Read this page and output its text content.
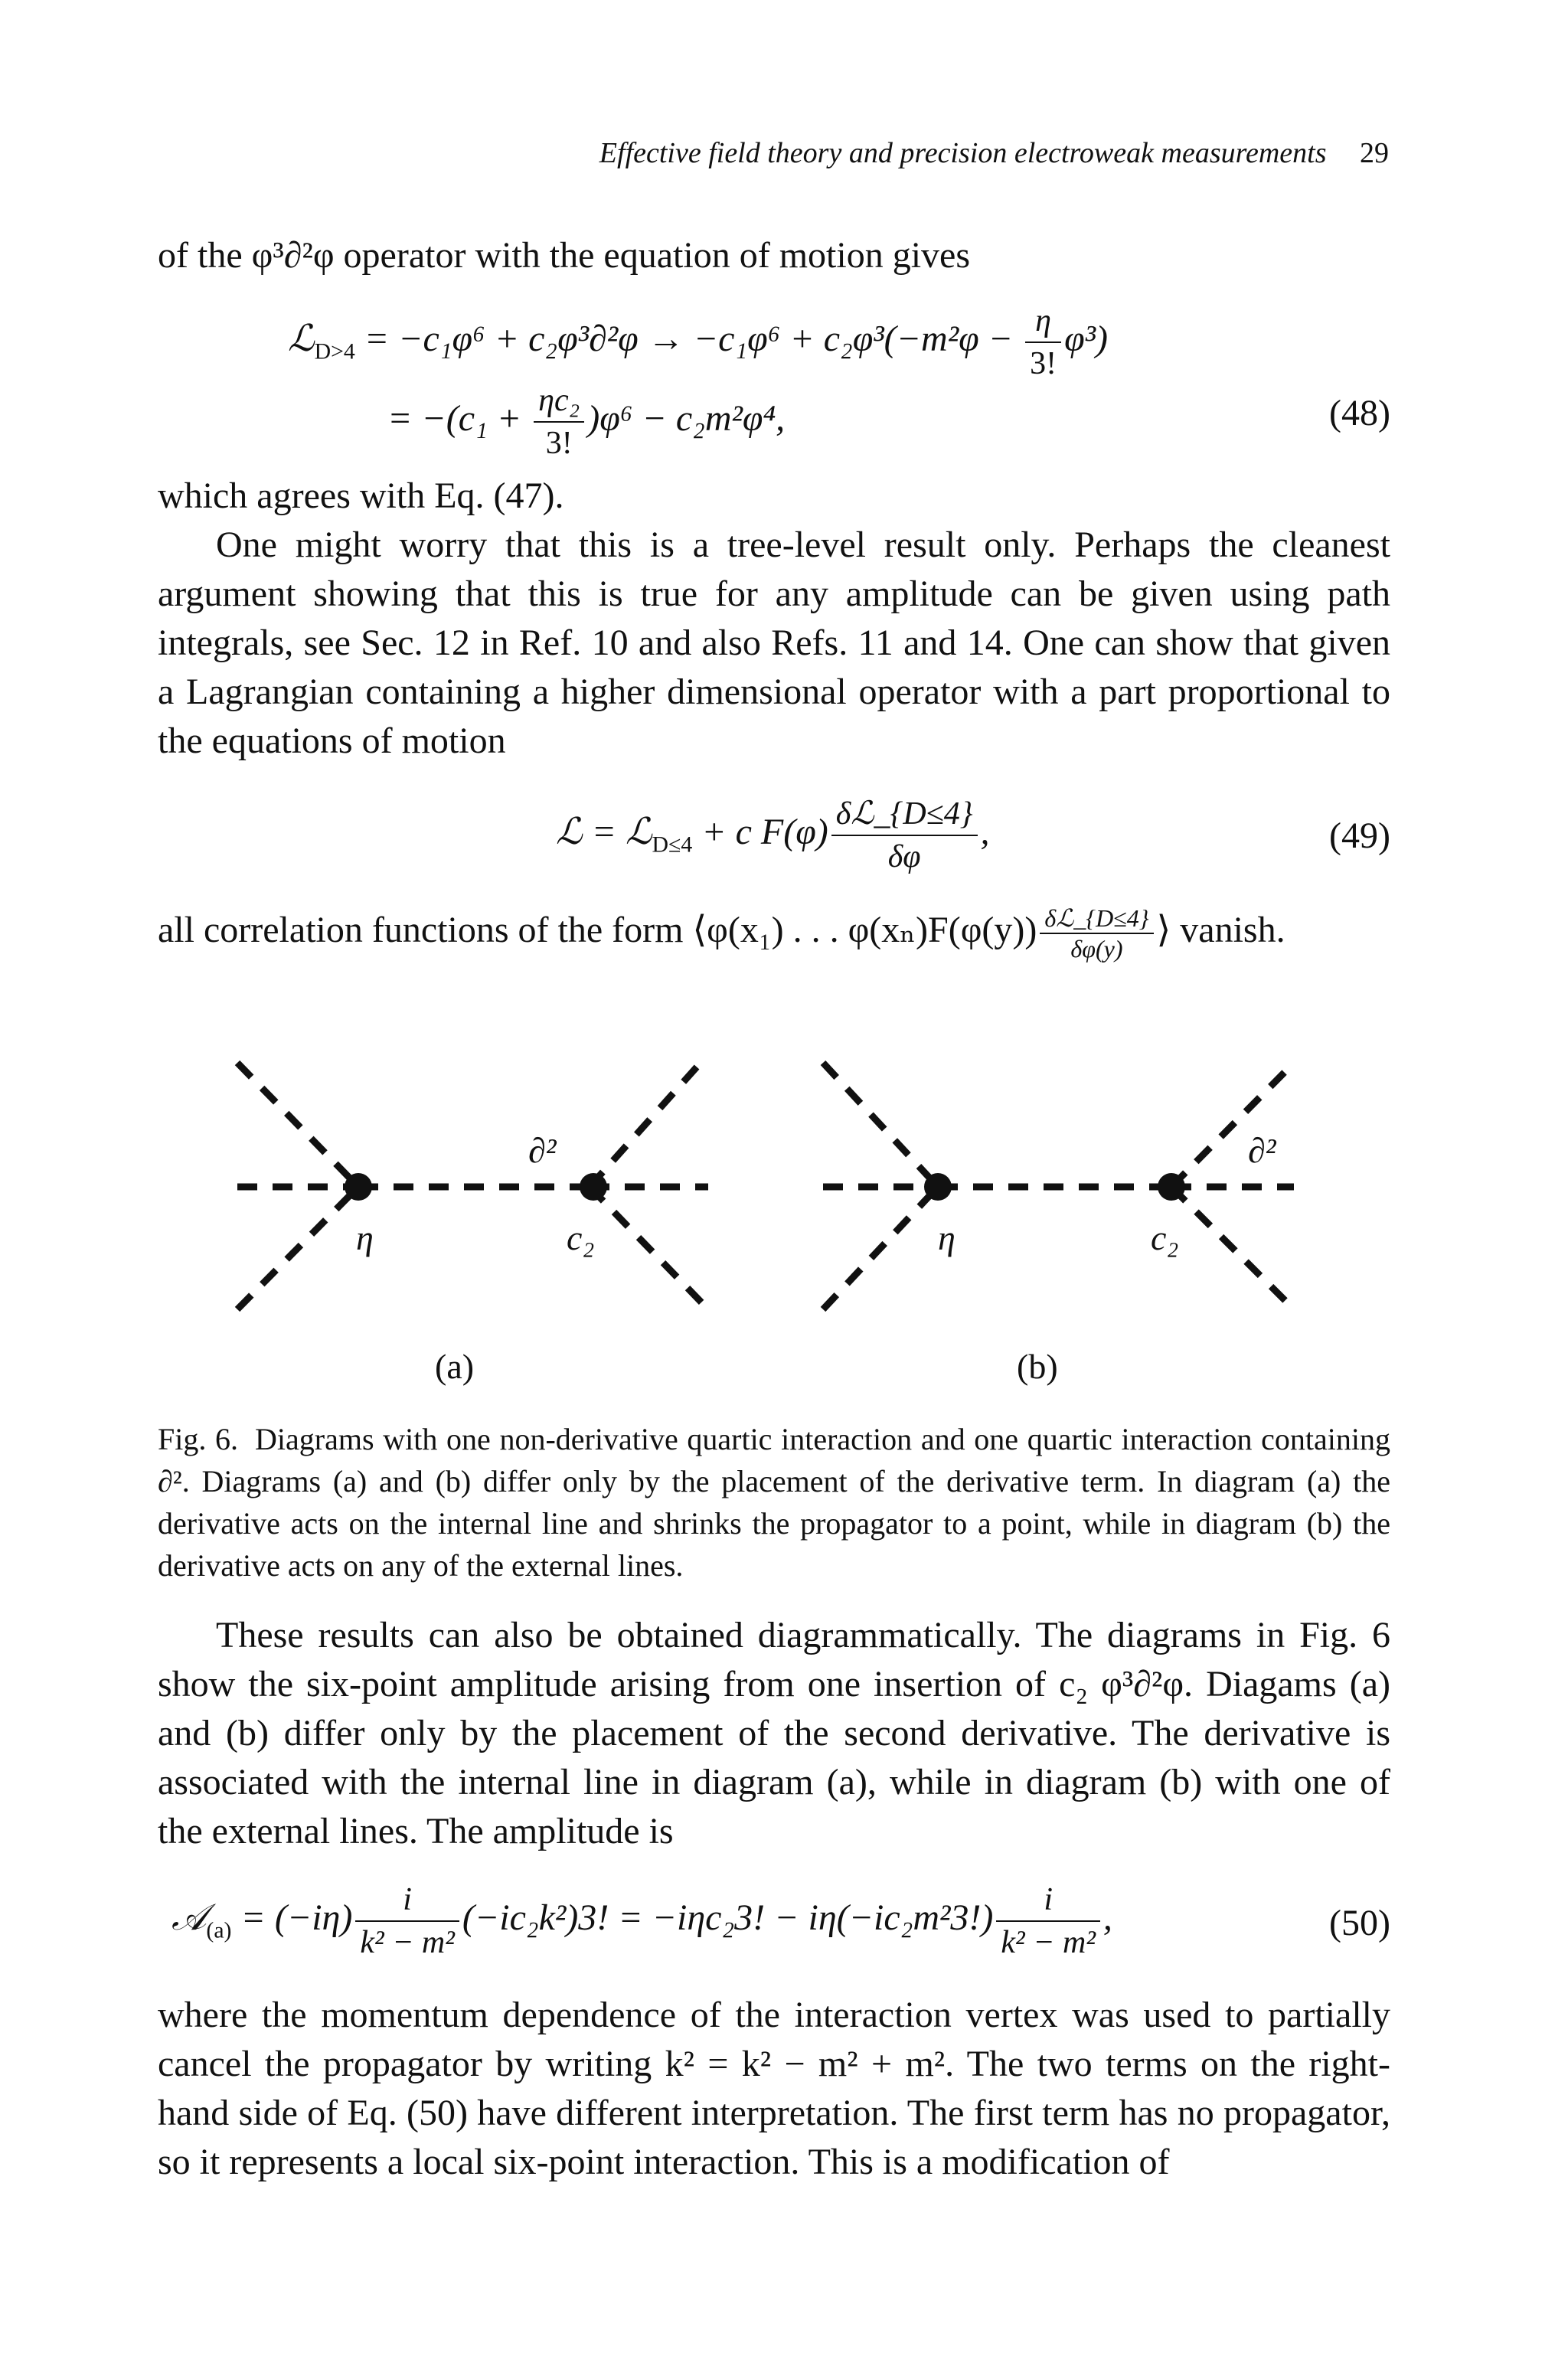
Effective field theory and precision electroweak measurements 29

of the φ³∂²φ operator with the equation of motion gives

ℒ$_{D>4}$ = $-c_1\varphi^6 + c_2\varphi^3\partial^2\varphi \to -c_1\varphi^6 + c_2\varphi^3(-m^2\varphi - \frac{\eta}{3!} \varphi^3)$
= $-(c_1 + \frac{\text{ηc₂}}{3!} )\varphi^6 - c_2m^2\varphi^4$,	(48)

which agrees with Eq. (47).

One might worry that this is a tree-level result only. Perhaps the cleanest argument showing that this is true for any amplitude can be given using path integrals, see Sec. 12 in Ref. 10 and also Refs. 11 and 14. One can show that given a Lagrangian containing a higher dimensional operator with a part proportional to the equations of motion

ℒ = ℒ$_{D\le 4}$ + c $F(\varphi) \frac{\text{δℒ\_\{D≤4\}}}{\delta\varphi}$ ,	(49)

all correlation functions of the form ⟨φ(x₁) . . . $\varphi(x_n)F(\varphi(y)) \frac{\text{δℒ\_\{D≤4\}}}{\delta\varphi(y)}$ ⟩ vanish.

η	c₂
∂²
η	c₂
∂²
(a)	(b)
Fig. 6. Diagrams with one non-derivative quartic interaction and one quartic interaction containing ∂². Diagrams (a) and (b) differ only by the placement of the derivative term. In diagram (a) the derivative acts on the internal line and shrinks the propagator to a point, while in diagram (b) the derivative acts on any of the external lines.

These results can also be obtained diagrammatically. The diagrams in Fig. 6 show the six-point amplitude arising from one insertion of c₂ φ³∂²φ. Diagams (a) and (b) differ only by the placement of the second derivative. The derivative is associated with the internal line in diagram (a), while in diagram (b) with one of the external lines. The amplitude is

𝒜$_{(a)}$ = $(-i\eta) \frac{i}{\text{k² − m²}} (-ic_2k^2)3$! = −iηc₂3! − $i\eta(-ic_2m^23!) \frac{i}{\text{k² − m²}}$ ,	(50)

where the momentum dependence of the interaction vertex was used to partially cancel the propagator by writing k² = k² − m² + m². The two terms on the right-hand side of Eq. (50) have different interpretation. The first term has no propagator, so it represents a local six-point interaction. This is a modification of
